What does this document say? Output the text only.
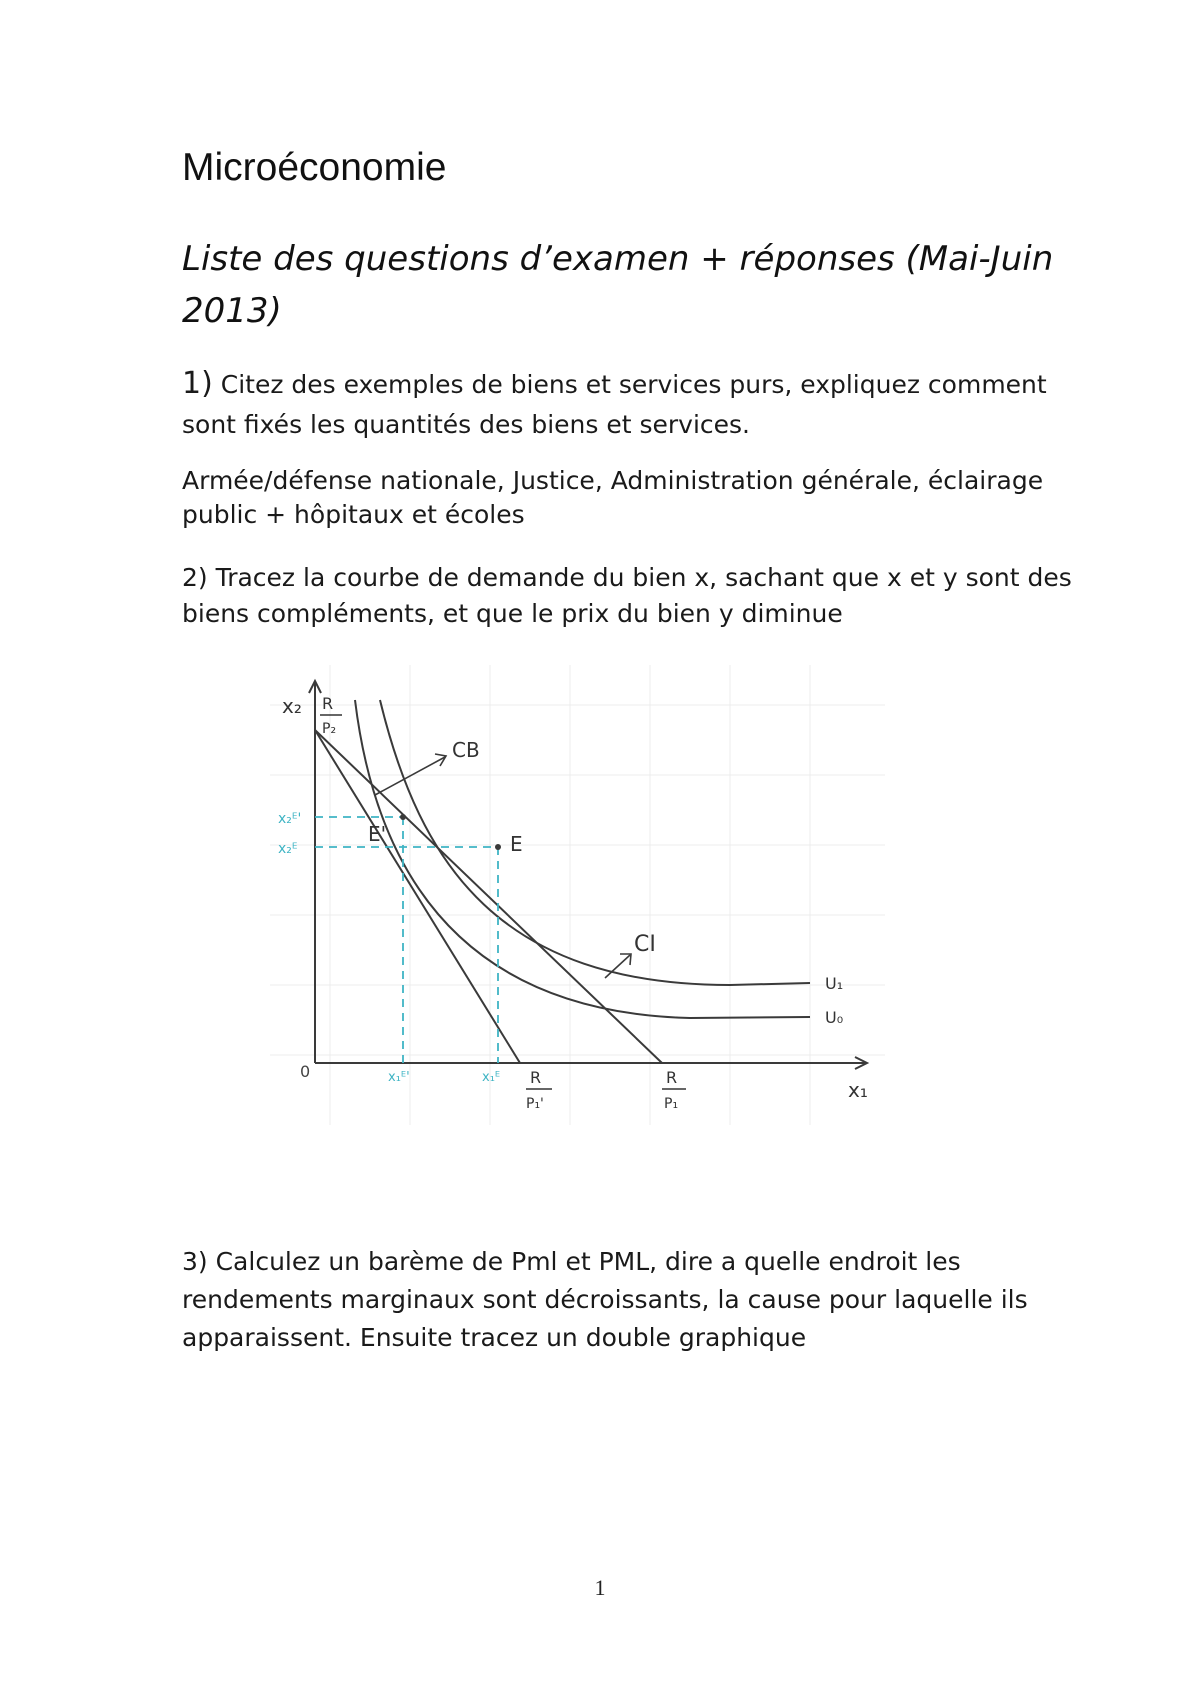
Microéconomie
Liste des questions d’examen + réponses (Mai-Juin 2013)
1) Citez des exemples de biens et services purs, expliquez comment sont fixés les quantités des biens et services.
Armée/défense nationale, Justice, Administration générale, éclairage public + hôpitaux et écoles
2) Tracez la courbe de demande du bien x, sachant que x et y sont des biens compléments, et que le prix du bien y diminue
x₂
x₁
0
R
P₂
E'	E
x₂ᴱ'
x₂ᴱ
x₁ᴱ'	x₁ᴱ R
P₁'
R
P₁
CB
CI
U₁
U₀
3) Calculez un barème de Pml et PML, dire a quelle endroit les rendements marginaux sont décroissants, la cause pour laquelle ils apparaissent. Ensuite tracez un double graphique
1
